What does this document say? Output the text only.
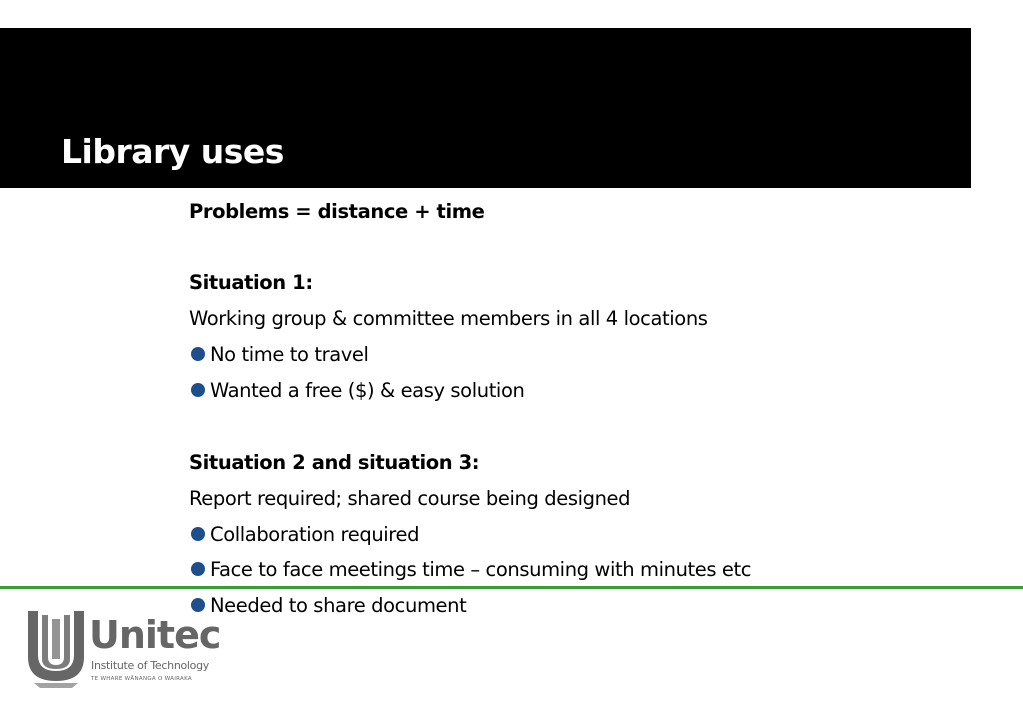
Library uses
Problems = distance + time
Situation 1:
Working group & committee members in all 4 locations
No time to travel
Wanted a free ($) & easy solution
Situation 2 and situation 3:
Report required; shared course being designed
Collaboration required
Face to face meetings time – consuming with minutes etc
Needed to share document
Unitec
Institute of Technology
TE WHARE WĀNANGA O WAIRAKA
